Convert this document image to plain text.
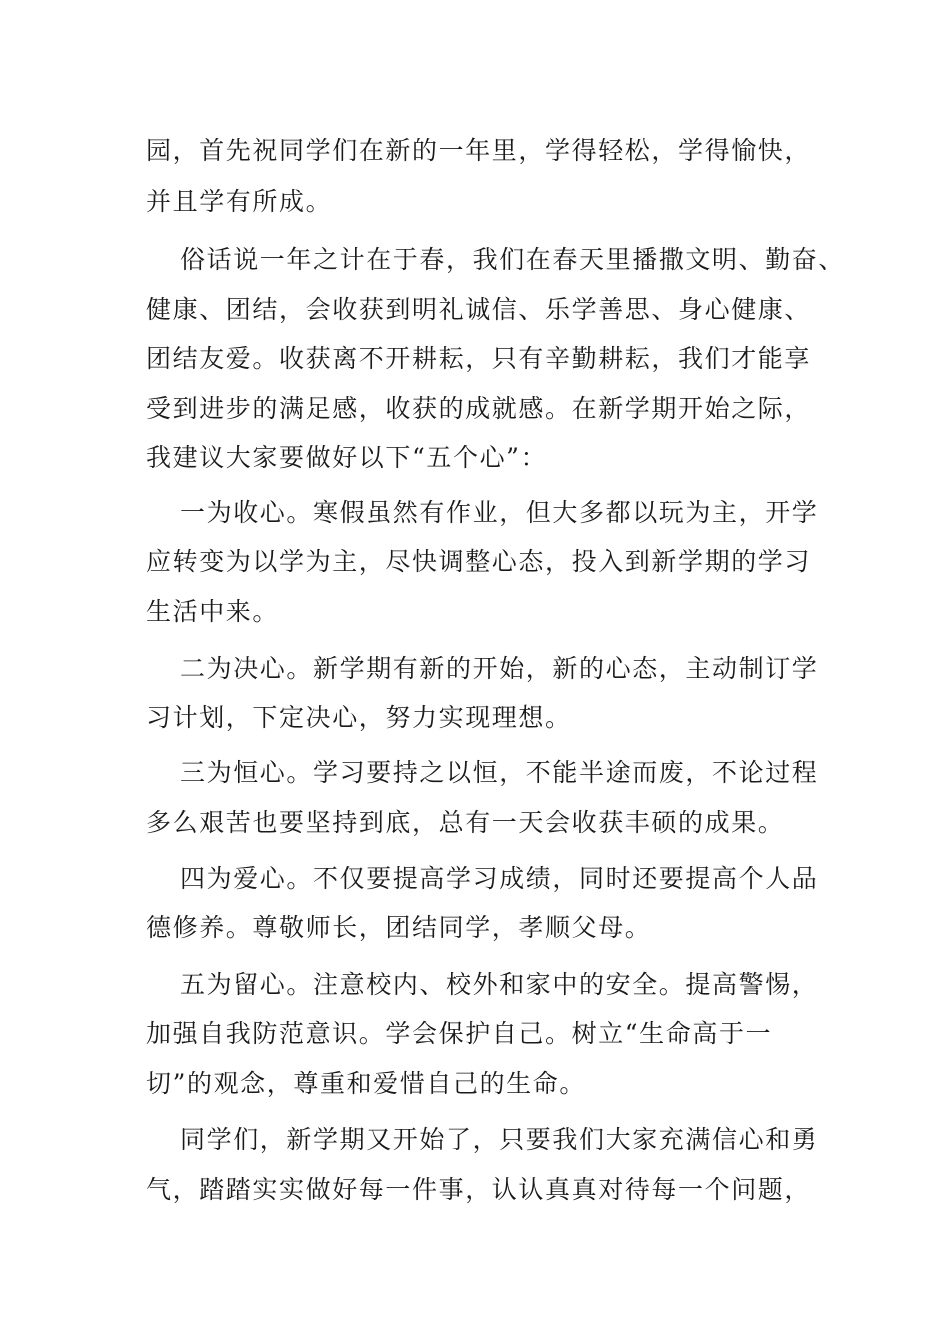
园，首先祝同学们在新的一年里，学得轻松，学得愉快，

并且学有所成。

俗话说一年之计在于春，我们在春天里播撒文明、勤奋、

健康、团结，会收获到明礼诚信、乐学善思、身心健康、

团结友爱。收获离不开耕耘，只有辛勤耕耘，我们才能享

受到进步的满足感，收获的成就感。在新学期开始之际，

我建议大家要做好以下“五个心”：

一为收心。寒假虽然有作业，但大多都以玩为主，开学

应转变为以学为主，尽快调整心态，投入到新学期的学习

生活中来。

二为决心。新学期有新的开始，新的心态，主动制订学

习计划，下定决心，努力实现理想。

三为恒心。学习要持之以恒，不能半途而废，不论过程

多么艰苦也要坚持到底，总有一天会收获丰硕的成果。

四为爱心。不仅要提高学习成绩，同时还要提高个人品

德修养。尊敬师长，团结同学，孝顺父母。

五为留心。注意校内、校外和家中的安全。提高警惕，

加强自我防范意识。学会保护自己。树立“生命高于一

切”的观念，尊重和爱惜自己的生命。

同学们，新学期又开始了，只要我们大家充满信心和勇

气，踏踏实实做好每一件事，认认真真对待每一个问题，
